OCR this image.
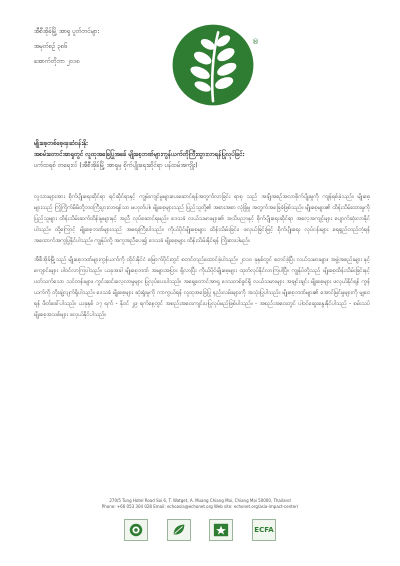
®
အီစီအိုခ်မြို့ အာရှ ပူတ်တင်များ
အမှတ်စဉ် ၃၈၆
အောက်တိုဘာ ၂၀၁၈
မျိုးစေ့တစ်စေ့ၾဆံဝန်းနိုး
အစမ်းတောင်အာရှတွင် လူထုအခြေပြုအခ်ေ မျိုးစေ့ဘဏ်များကွန်ယက်တိုကြီးထွားလာရန်ပြုလုပ်ခြင်း
ပက်ထရစ် တရေးလ် (အီစီအိုခ်မြို့ အာရှမှ စိုက်ပျိုးရေးဆိုင်ရာ ပန်ထမ်အကျိုး)

လူသားများအား စိုက်ပျိုးရေးဆိုင်ရာ ရင်ဆိုင်ရာနှင့် ကျွမ်းကျင်မှုများပေးဆောင်ရန်အတွက်လာခြင်း ရာစု သည် အချိုအစဉ်အလာစိုက်ပျိုးမှုကို ကျန်ရစ်ခဲ့သည်။ မျိုးစေ့များသည် ကြုံကြိုက်မိမိတို့ဘ၀ကြီးပွားလာရန်သာ မဟုတ်ပါ။ မျိုးစေ့များသည် ပြည်သူတို့၏ အစားအစာ လုံခြုံမှု အတွက်အခြေခံဖြစ်သည်။ မျိုးစေ့များ၏ ထိန်းသိမ်းထားမှုကို ပြည်သူများ ထိန်းသိမ်းဆက်ထိန်းမှုများနှင့် အညီ လုပ်ဆောင်ရမည်။ ဒေသခံ လယ်သမားများ၏ အသိပညာနှင့် စိုက်ပျိုးရေးဆိုင်ရာ အလေ့အကျင့်များ ပျောက်ဆုံးလာနိုင်ပါသည်။ ထို့ကြောင့် မျိုးစေ့ဘဏ်များသည် အရေးကြီးပါသည်။ ကိုယ်ပိုင်မျိုးစေ့များ ထိန်းသိမ်းခြင်း၊ ဖလှယ်ခြင်းဖြင့် စိုက်ပျိုးရေး လုပ်ငန်းများ ရေရှည်တည်တံ့ရန် အထောက်အကူပြုနိုင်ပါသည်။ ကျွန်ုပ်တို့ အကူအညီပေး၍ ဒေသခံ မျိုးစေ့များ ထိန်းသိမ်းနိုင်ရန် ကြိုးစားပါမည်။

အီစီအိုခ်မြို့သည် မျိုးစေ့ဘဏ်များကွန်ယက်ကို ထိုင်းနိုင်ငံ မြောက်ပိုင်းတွင် စတင်တည်ထောင်ခဲ့ပါသည်။ ၂၀၁၀ ခုနှစ်တွင် စတင်ခဲ့ပြီး လယ်သမားများ၊ အဖွဲ့အစည်းများ နှင့် ကျောင်းများ ပါဝင်လာကြပါသည်။ ယခုအခါ မျိုးစေ့ဘဏ် အများအပြား ရှိလာပြီး ကိုယ်ပိုင်မျိုးစေ့များ ထုတ်လုပ်နိုင်လာကြပါပြီ။ ကျွန်ုပ်တို့သည် မျိုးစေ့ထိန်းသိမ်းခြင်းနှင့် ပတ်သက်သော သင်တန်းများ၊ ကွင်းဆင်းလေ့လာမှုများ ပြုလုပ်ပေးပါသည်။ အရှေ့တောင်အာရှ ဒေသတစ်ခွင်ရှိ လယ်သမားများ အချင်းချင်း မျိုးစေ့များ ဖလှယ်နိုင်ရန် ကွန်ယက်ကို တိုးချဲ့လျက်ရှိပါသည်။ ဒေသခံ မျိုးစေ့များ ဆုံးရှုံးမှုကို ကာကွယ်ရန် လူထုအခြေပြု နည်းလမ်းများကို အသုံးပြုပါသည်။ မျိုးစေ့ဘဏ်များ၏ အောင်မြင်မှုများကို မျှဝေရန် ဖိတ်ခေါ်ပါသည်။ ယခုနှစ် ၁၇ ရက် - နိုဝင် ၂၉ ရက်နေ့တွင် အစည်းအဝေးကျင်းပပြုလုပ်မည်ဖြစ်ပါသည်။ - အစည်းအဝေးတွင် ပါဝင်ဆွေးနွေးနိုင်ပါသည် - စမ်းသပ်မျိုးစေ့အသစ်များ ဖလှယ်နိုင်ပါသည်။

270/5 Tung Hotel Road Soi 6, T. Watget, A. Muang Chiang Mai, Chiang Mai 50000, Thailand
Phone: +66 053 304 028 Email: echoasia@echonet.org Web site: echonet.org/asia-impact-center/
ECFA
